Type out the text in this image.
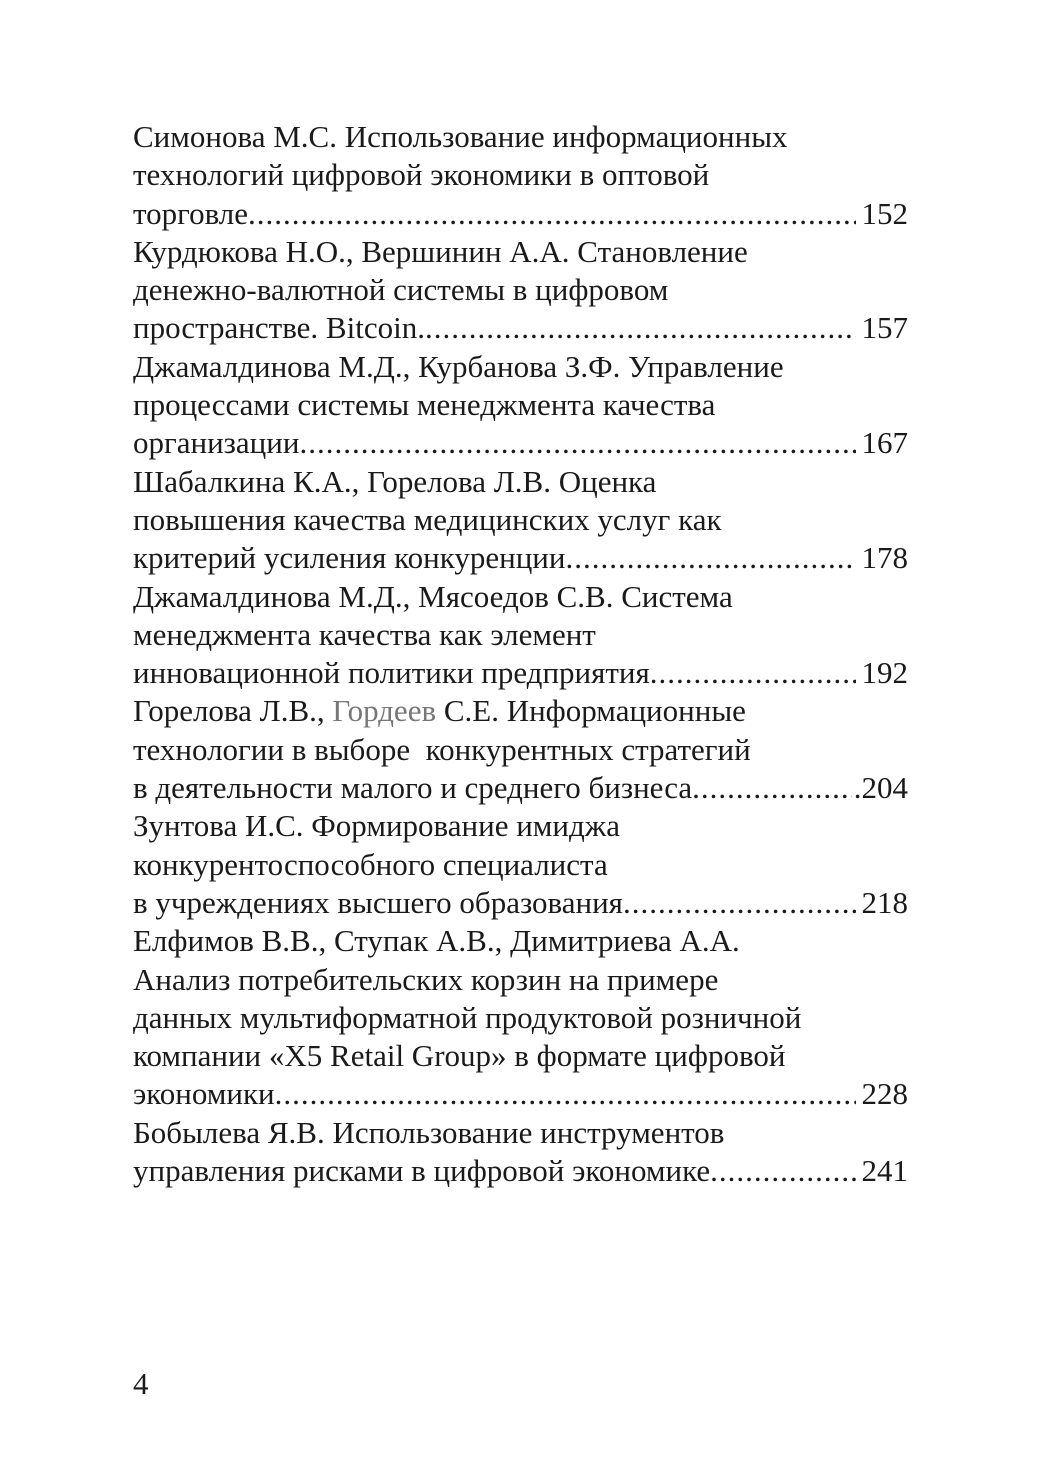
Симонова М.С. Использование информационных
технологий цифровой экономики в оптовой
торговле .....	152
Курдюкова Н.О., Вершинин А.А. Становление
денежно-валютной системы в цифровом
пространстве. Bitcoin. .....	157
Джамалдинова М.Д., Курбанова З.Ф. Управление
процессами системы менеджмента качества
организации .....	167
Шабалкина К.А., Горелова Л.В. Оценка
повышения качества медицинских услуг как
критерий усиления конкуренции .....	178
Джамалдинова М.Д., Мясоедов С.В. Система
менеджмента качества как элемент
инновационной политики предприятия .....	192
Горелова Л.В., Гордеев С.Е. Информационные
технологии в выборе  конкурентных стратегий
в деятельности малого и среднего бизнеса .....	.204
Зунтова И.С. Формирование имиджа
конкурентоспособного специалиста
в учреждениях высшего образования .....	218
Елфимов В.В., Ступак А.В., Димитриева А.А.
Анализ потребительских корзин на примере
данных мультиформатной продуктовой розничной
компании «X5 Retail Group» в формате цифровой
экономики .....	228
Бобылева Я.В. Использование инструментов
управления рисками в цифровой экономике .....	241
4
